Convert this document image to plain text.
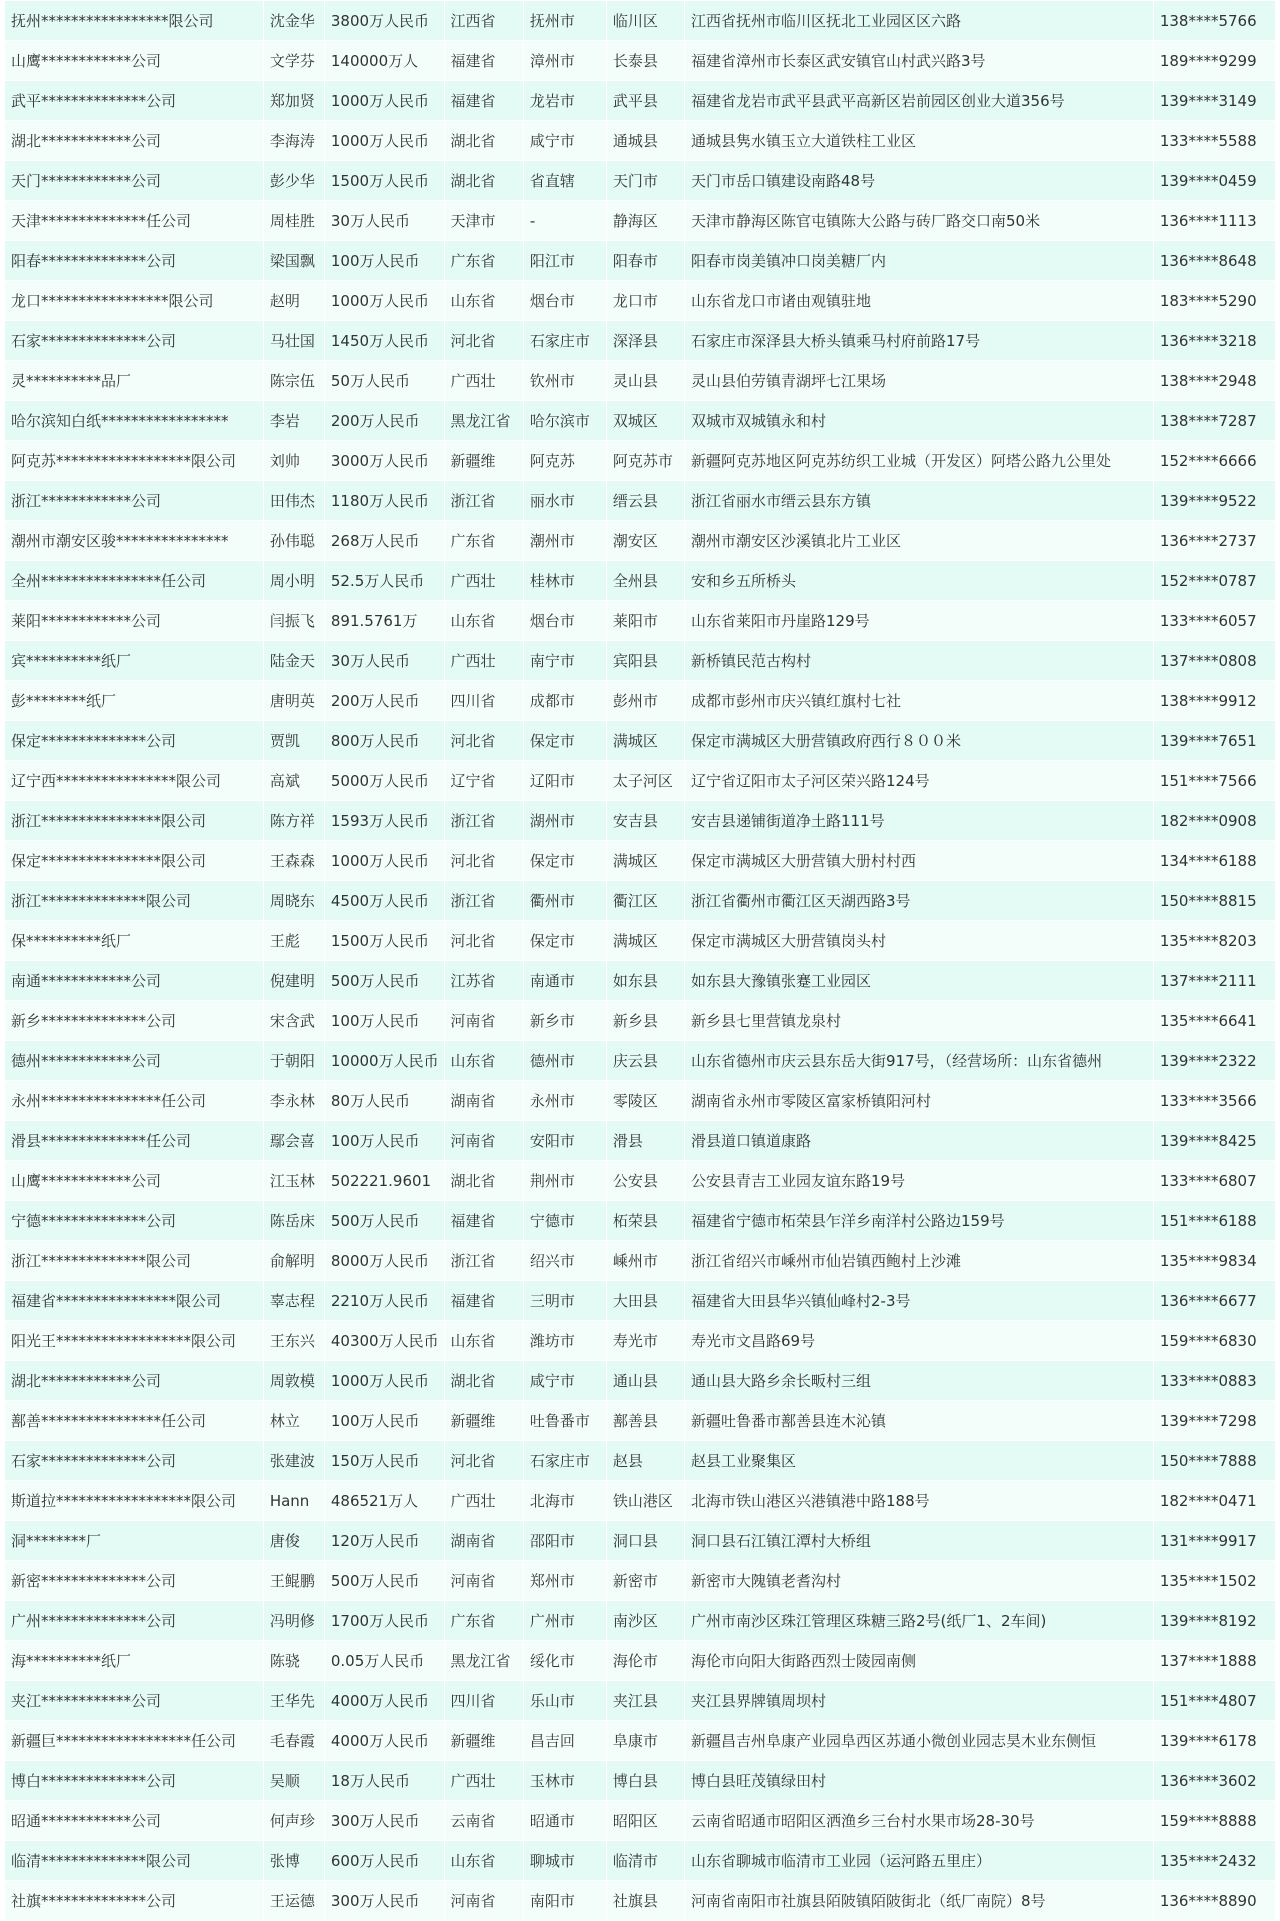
抚州*****************限公司	沈金华	3800万人民币	江西省	抚州市	临川区	江西省抚州市临川区抚北工业园区区六路	138****5766
山鹰************公司	文学芬	140000万人	福建省	漳州市	长泰县	福建省漳州市长泰区武安镇官山村武兴路3号	189****9299
武平**************公司	郑加贤	1000万人民币	福建省	龙岩市	武平县	福建省龙岩市武平县武平高新区岩前园区创业大道356号	139****3149
湖北************公司	李海涛	1000万人民币	湖北省	咸宁市	通城县	通城县隽水镇玉立大道铁柱工业区	133****5588
天门************公司	彭少华	1500万人民币	湖北省	省直辖	天门市	天门市岳口镇建设南路48号	139****0459
天津**************任公司	周桂胜	30万人民币	天津市	-	静海区	天津市静海区陈官屯镇陈大公路与砖厂路交口南50米	136****1113
阳春**************公司	梁国飘	100万人民币	广东省	阳江市	阳春市	阳春市岗美镇冲口岗美糖厂内	136****8648
龙口*****************限公司	赵明	1000万人民币	山东省	烟台市	龙口市	山东省龙口市诸由观镇驻地	183****5290
石家**************公司	马壮国	1450万人民币	河北省	石家庄市	深泽县	石家庄市深泽县大桥头镇乘马村府前路17号	136****3218
灵**********品厂	陈宗伍	50万人民币	广西壮	钦州市	灵山县	灵山县伯劳镇青湖坪七江果场	138****2948
哈尔滨知白纸*****************	李岩	200万人民币	黑龙江省	哈尔滨市	双城区	双城市双城镇永和村	138****7287
阿克苏******************限公司	刘帅	3000万人民币	新疆维	阿克苏	阿克苏市	新疆阿克苏地区阿克苏纺织工业城（开发区）阿塔公路九公里处	152****6666
浙江************公司	田伟杰	1180万人民币	浙江省	丽水市	缙云县	浙江省丽水市缙云县东方镇	139****9522
潮州市潮安区骏***************	孙伟聪	268万人民币	广东省	潮州市	潮安区	潮州市潮安区沙溪镇北片工业区	136****2737
全州****************任公司	周小明	52.5万人民币	广西壮	桂林市	全州县	安和乡五所桥头	152****0787
莱阳************公司	闫振飞	891.5761万	山东省	烟台市	莱阳市	山东省莱阳市丹崖路129号	133****6057
宾**********纸厂	陆金天	30万人民币	广西壮	南宁市	宾阳县	新桥镇民范古构村	137****0808
彭********纸厂	唐明英	200万人民币	四川省	成都市	彭州市	成都市彭州市庆兴镇红旗村七社	138****9912
保定**************公司	贾凯	800万人民币	河北省	保定市	满城区	保定市满城区大册营镇政府西行８００米	139****7651
辽宁西****************限公司	高斌	5000万人民币	辽宁省	辽阳市	太子河区	辽宁省辽阳市太子河区荣兴路124号	151****7566
浙江****************限公司	陈方祥	1593万人民币	浙江省	湖州市	安吉县	安吉县递铺街道净土路111号	182****0908
保定****************限公司	王森森	1000万人民币	河北省	保定市	满城区	保定市满城区大册营镇大册村村西	134****6188
浙江**************限公司	周晓东	4500万人民币	浙江省	衢州市	衢江区	浙江省衢州市衢江区天湖西路3号	150****8815
保**********纸厂	王彪	1500万人民币	河北省	保定市	满城区	保定市满城区大册营镇岗头村	135****8203
南通************公司	倪建明	500万人民币	江苏省	南通市	如东县	如东县大豫镇张蹇工业园区	137****2111
新乡**************公司	宋含武	100万人民币	河南省	新乡市	新乡县	新乡县七里营镇龙泉村	135****6641
德州************公司	于朝阳	10000万人民币	山东省	德州市	庆云县	山东省德州市庆云县东岳大街917号，（经营场所：山东省德州	139****2322
永州****************任公司	李永林	80万人民币	湖南省	永州市	零陵区	湖南省永州市零陵区富家桥镇阳河村	133****3566
滑县**************任公司	鄢会喜	100万人民币	河南省	安阳市	滑县	滑县道口镇道康路	139****8425
山鹰************公司	江玉林	502221.9601	湖北省	荆州市	公安县	公安县青吉工业园友谊东路19号	133****6807
宁德**************公司	陈岳床	500万人民币	福建省	宁德市	柘荣县	福建省宁德市柘荣县乍洋乡南洋村公路边159号	151****6188
浙江**************限公司	俞解明	8000万人民币	浙江省	绍兴市	嵊州市	浙江省绍兴市嵊州市仙岩镇西鲍村上沙滩	135****9834
福建省****************限公司	辜志程	2210万人民币	福建省	三明市	大田县	福建省大田县华兴镇仙峰村2-3号	136****6677
阳光王******************限公司	王东兴	40300万人民币	山东省	潍坊市	寿光市	寿光市文昌路69号	159****6830
湖北************公司	周敦模	1000万人民币	湖北省	咸宁市	通山县	通山县大路乡余长畈村三组	133****0883
鄯善****************任公司	林立	100万人民币	新疆维	吐鲁番市	鄯善县	新疆吐鲁番市鄯善县连木沁镇	139****7298
石家**************公司	张建波	150万人民币	河北省	石家庄市	赵县	赵县工业聚集区	150****7888
斯道拉******************限公司	Hann	486521万人	广西壮	北海市	铁山港区	北海市铁山港区兴港镇港中路188号	182****0471
洞********厂	唐俊	120万人民币	湖南省	邵阳市	洞口县	洞口县石江镇江潭村大桥组	131****9917
新密**************公司	王鲲鹏	500万人民币	河南省	郑州市	新密市	新密市大隗镇老耆沟村	135****1502
广州**************公司	冯明修	1700万人民币	广东省	广州市	南沙区	广州市南沙区珠江管理区珠糖三路2号(纸厂1、2车间)	139****8192
海**********纸厂	陈骁	0.05万人民币	黑龙江省	绥化市	海伦市	海伦市向阳大街路西烈士陵园南侧	137****1888
夹江************公司	王华先	4000万人民币	四川省	乐山市	夹江县	夹江县界牌镇周坝村	151****4807
新疆巨******************任公司	毛春霞	4000万人民币	新疆维	昌吉回	阜康市	新疆昌吉州阜康产业园阜西区苏通小微创业园志昊木业东侧恒	139****6178
博白**************公司	吴顺	18万人民币	广西壮	玉林市	博白县	博白县旺茂镇绿田村	136****3602
昭通************公司	何声珍	300万人民币	云南省	昭通市	昭阳区	云南省昭通市昭阳区洒渔乡三台村水果市场28-30号	159****8888
临清**************限公司	张博	600万人民币	山东省	聊城市	临清市	山东省聊城市临清市工业园（运河路五里庄）	135****2432
社旗**************公司	王运德	300万人民币	河南省	南阳市	社旗县	河南省南阳市社旗县陌陂镇陌陂街北（纸厂南院）8号	136****8890
